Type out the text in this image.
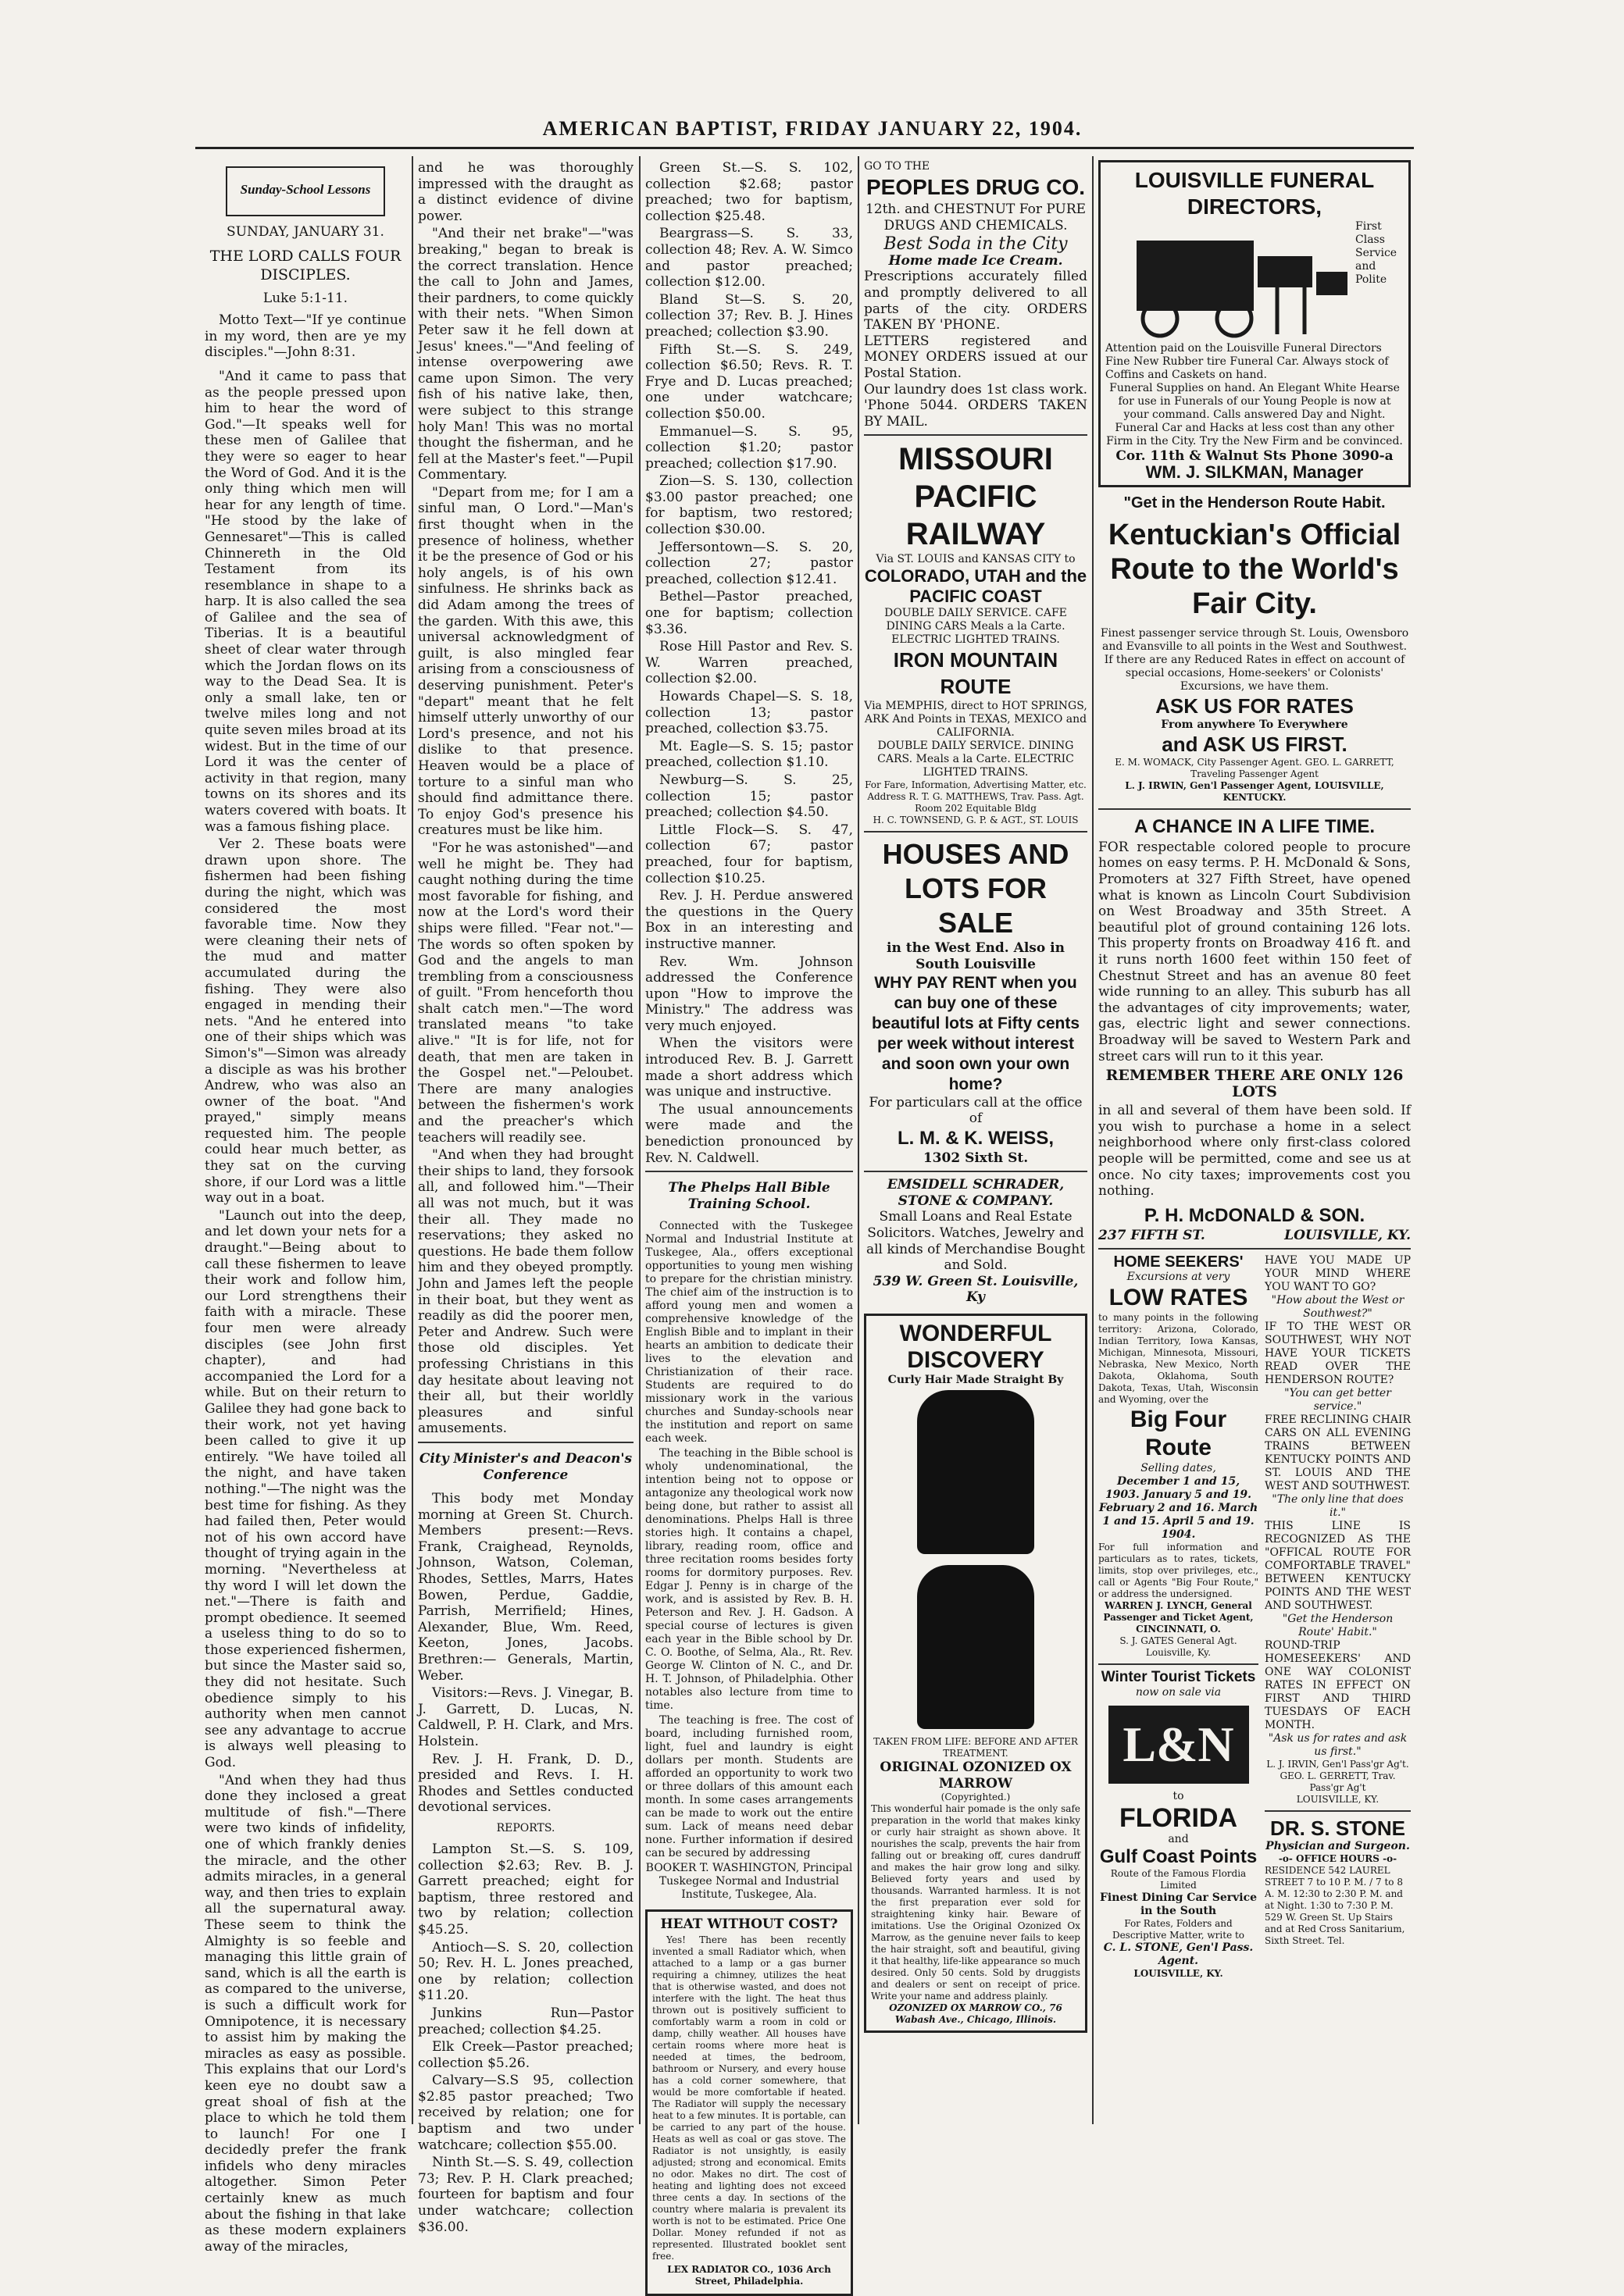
AMERICAN BAPTIST, FRIDAY JANUARY 22, 1904.
Sunday-School Lessons

SUNDAY, JANUARY 31.

THE LORD CALLS FOUR DISCIPLES.

Luke 5:1-11.

Motto Text—"If ye continue in my word, then are ye my disciples."—John 8:31.

"And it came to pass that as the people pressed upon him to hear the word of God."—It speaks well for these men of Galilee that they were so eager to hear the Word of God. And it is the only thing which men will hear for any length of time. "He stood by the lake of Gennesaret"—This is called Chinnereth in the Old Testament from its resemblance in shape to a harp. It is also called the sea of Galilee and the sea of Tiberias. It is a beautiful sheet of clear water through which the Jordan flows on its way to the Dead Sea. It is only a small lake, ten or twelve miles long and not quite seven miles broad at its widest. But in the time of our Lord it was the center of activity in that region, many towns on its shores and its waters covered with boats. It was a famous fishing place.

Ver 2. These boats were drawn upon shore. The fishermen had been fishing during the night, which was considered the most favorable time. Now they were cleaning their nets of the mud and matter accumulated during the fishing. They were also engaged in mending their nets. "And he entered into one of their ships which was Simon's"—Simon was already a disciple as was his brother Andrew, who was also an owner of the boat. "And prayed," simply means requested him. The people could hear much better, as they sat on the curving shore, if our Lord was a little way out in a boat.

"Launch out into the deep, and let down your nets for a draught."—Being about to call these fishermen to leave their work and follow him, our Lord strengthens their faith with a miracle. These four men were already disciples (see John first chapter), and had accompanied the Lord for a while. But on their return to Galilee they had gone back to their work, not yet having been called to give it up entirely. "We have toiled all the night, and have taken nothing."—The night was the best time for fishing. As they had failed then, Peter would not of his own accord have thought of trying again in the morning. "Nevertheless at thy word I will let down the net."—There is faith and prompt obedience. It seemed a useless thing to do so to those experienced fishermen, but since the Master said so, they did not hesitate. Such obedience simply to his authority when men cannot see any advantage to accrue is always well pleasing to God.

"And when they had thus done they inclosed a great multitude of fish."—There were two kinds of infidelity, one of which frankly denies the miracle, and the other admits miracles, in a general way, and then tries to explain all the supernatural away. These seem to think the Almighty is so feeble and managing this little grain of sand, which is all the earth is as compared to the universe, is such a difficult work for Omnipotence, it is necessary to assist him by making the miracles as easy as possible. This explains that our Lord's keen eye no doubt saw a great shoal of fish at the place to which he told them to launch! For one I decidedly prefer the frank infidels who deny miracles altogether. Simon Peter certainly knew as much about the fishing in that lake as these modern explainers away of the miracles,

and he was thoroughly impressed with the draught as a distinct evidence of divine power.

"And their net brake"—"was breaking," began to break is the correct translation. Hence the call to John and James, their pardners, to come quickly with their nets. "When Simon Peter saw it he fell down at Jesus' knees."—"And feeling of intense overpowering awe came upon Simon. The very fish of his native lake, then, were subject to this strange holy Man! This was no mortal thought the fisherman, and he fell at the Master's feet."—Pupil Commentary.

"Depart from me; for I am a sinful man, O Lord."—Man's first thought when in the presence of holiness, whether it be the presence of God or his holy angels, is of his own sinfulness. He shrinks back as did Adam among the trees of the garden. With this awe, this universal acknowledgment of guilt, is also mingled fear arising from a consciousness of deserving punishment. Peter's "depart" meant that he felt himself utterly unworthy of our Lord's presence, and not his dislike to that presence. Heaven would be a place of torture to a sinful man who should find admittance there. To enjoy God's presence his creatures must be like him.

"For he was astonished"—and well he might be. They had caught nothing during the time most favorable for fishing, and now at the Lord's word their ships were filled. "Fear not."—The words so often spoken by God and the angels to man trembling from a consciousness of guilt. "From henceforth thou shalt catch men."—The word translated means "to take alive." "It is for life, not for death, that men are taken in the Gospel net."—Peloubet. There are many analogies between the fishermen's work and the preacher's which teachers will readily see.

"And when they had brought their ships to land, they forsook all, and followed him."—Their all was not much, but it was their all. They made no reservations; they asked no questions. He bade them follow him and they obeyed promptly. John and James left the people in their boat, but they went as readily as did the poorer men, Peter and Andrew. Such were those old disciples. Yet professing Christians in this day hesitate about leaving not their all, but their worldly pleasures and sinful amusements.

City Minister's and Deacon's Conference

This body met Monday morning at Green St. Church. Members present:—Revs. Frank, Craighead, Reynolds, Johnson, Watson, Coleman, Rhodes, Settles, Marrs, Hates Bowen, Perdue, Gaddie, Parrish, Merrifield; Hines, Alexander, Blue, Wm. Reed, Keeton, Jones, Jacobs. Brethren:— Generals, Martin, Weber.

Visitors:—Revs. J. Vinegar, B. J. Garrett, D. Lucas, N. Caldwell, P. H. Clark, and Mrs. Holstein.

Rev. J. H. Frank, D. D., presided and Revs. I. H. Rhodes and Settles conducted devotional services.

REPORTS.

Lampton St.—S. S. 109, collection $2.63; Rev. B. J. Garrett preached; eight for baptism, three restored and two by relation; collection $45.25.

Antioch—S. S. 20, collection 50; Rev. H. L. Jones preached, one by relation; collection $11.20.

Junkins Run—Pastor preached; collection $4.25.

Elk Creek—Pastor preached; collection $5.26.

Calvary—S.S 95, collection $2.85 pastor preached; Two received by relation; one for baptism and two under watchcare; collection $55.00.

Ninth St.—S. S. 49, collection 73; Rev. P. H. Clark preached; fourteen for baptism and four under watchcare; collection $36.00.

Green St.—S. S. 102, collection $2.68; pastor preached; two for baptism, collection $25.48.

Beargrass—S. S. 33, collection 48; Rev. A. W. Simco and pastor preached; collection $12.00.

Bland St—S. S. 20, collection 37; Rev. B. J. Hines preached; collection $3.90.

Fifth St.—S. S. 249, collection $6.50; Revs. R. T. Frye and D. Lucas preached; one under watchcare; collection $50.00.

Emmanuel—S. S. 95, collection $1.20; pastor preached; collection $17.90.

Zion—S. S. 130, collection $3.00 pastor preached; one for baptism, two restored; collection $30.00.

Jeffersontown—S. S. 20, collection 27; pastor preached, collection $12.41.

Bethel—Pastor preached, one for baptism; collection $3.36.

Rose Hill Pastor and Rev. S. W. Warren preached, collection $2.00.

Howards Chapel—S. S. 18, collection 13; pastor preached, collection $3.75.

Mt. Eagle—S. S. 15; pastor preached, collection $1.10.

Newburg—S. S. 25, collection 15; pastor preached; collection $4.50.

Little Flock—S. S. 47, collection 67; pastor preached, four for baptism, collection $10.25.

Rev. J. H. Perdue answered the questions in the Query Box in an interesting and instructive manner.

Rev. Wm. Johnson addressed the Conference upon "How to improve the Ministry." The address was very much enjoyed.

When the visitors were introduced Rev. B. J. Garrett made a short address which was unique and instructive.

The usual announcements were made and the benediction pronounced by Rev. N. Caldwell.

The Phelps Hall Bible Training School.

Connected with the Tuskegee Normal and Industrial Institute at Tuskegee, Ala., offers exceptional opportunities to young men wishing to prepare for the christian ministry. The chief aim of the instruction is to afford young men and women a comprehensive knowledge of the English Bible and to implant in their hearts an ambition to dedicate their lives to the elevation and Christianization of their race. Students are required to do missionary work in the various churches and Sunday-schools near the institution and report on same each week.

The teaching in the Bible school is wholy undenominational, the intention being not to oppose or antagonize any theological work now being done, but rather to assist all denominations. Phelps Hall is three stories high. It contains a chapel, library, reading room, office and three recitation rooms besides forty rooms for dormitory purposes. Rev. Edgar J. Penny is in charge of the work, and is assisted by Rev. B. H. Peterson and Rev. J. H. Gadson. A special course of lectures is given each year in the Bible school by Dr. C. O. Boothe, of Selma, Ala., Rt. Rev. George W. Clinton of N. C., and Dr. H. T. Johnson, of Philadelphia. Other notables also lecture from time to time.

The teaching is free. The cost of board, including furnished room, light, fuel and laundry is eight dollars per month. Students are afforded an opportunity to work two or three dollars of this amount each month. In some cases arrangements can be made to work out the entire sum. Lack of means need debar none. Further information if desired can be secured by addressing

BOOKER T. WASHINGTON, Principal Tuskegee Normal and Industrial Institute, Tuskegee, Ala.

HEAT WITHOUT COST?

Yes! There has been recently invented a small Radiator which, when attached to a lamp or a gas burner requiring a chimney, utilizes the heat that is otherwise wasted, and does not interfere with the light. The heat thus thrown out is positively sufficient to comfortably warm a room in cold or damp, chilly weather. All houses have certain rooms where more heat is needed at times, the bedroom, bathroom or Nursery, and every house has a cold corner somewhere, that would be more comfortable if heated. The Radiator will supply the necessary heat to a few minutes. It is portable, can be carried to any part of the house. Heats as well as coal or gas stove. The Radiator is not unsightly, is easily adjusted; strong and economical. Emits no odor. Makes no dirt. The cost of heating and lighting does not exceed three cents a day. In sections of the country where malaria is prevalent its worth is not to be estimated. Price One Dollar. Money refunded if not as represented. Illustrated booklet sent free.

LEX RADIATOR CO., 1036 Arch Street, Philadelphia.

GO TO THE
PEOPLES DRUG CO.
12th. and CHESTNUT For PURE DRUGS AND CHEMICALS.
Best Soda in the City
Home made Ice Cream.
Prescriptions accurately filled and promptly delivered to all parts of the city. ORDERS TAKEN BY 'PHONE.
LETTERS registered and MONEY ORDERS issued at our Postal Station.
Our laundry does 1st class work. 'Phone 5044. ORDERS TAKEN BY MAIL.
MISSOURI
PACIFIC
RAILWAY
Via ST. LOUIS and KANSAS CITY to
COLORADO, UTAH and the PACIFIC COAST
DOUBLE DAILY SERVICE. CAFE DINING CARS Meals a la Carte. ELECTRIC LIGHTED TRAINS.
IRON MOUNTAIN ROUTE
Via MEMPHIS, direct to HOT SPRINGS, ARK And Points in TEXAS, MEXICO and CALIFORNIA.
DOUBLE DAILY SERVICE. DINING CARS. Meals a la Carte. ELECTRIC LIGHTED TRAINS.
For Fare, Information, Advertising Matter, etc. Address R. T. G. MATTHEWS, Trav. Pass. Agt. Room 202 Equitable Bldg
H. C. TOWNSEND, G. P. & AGT., ST. LOUIS
HOUSES AND LOTS FOR SALE
in the West End. Also in South Louisville
WHY PAY RENT when you can buy one of these beautiful lots at Fifty cents per week without interest and soon own your own home?
For particulars call at the office of
L. M. & K. WEISS,
1302 Sixth St.
EMSIDELL SCHRADER, STONE & COMPANY.
Small Loans and Real Estate Solicitors. Watches, Jewelry and all kinds of Merchandise Bought and Sold.
539 W. Green St. Louisville, Ky
WONDERFUL DISCOVERY
Curly Hair Made Straight By

TAKEN FROM LIFE: BEFORE AND AFTER TREATMENT.
ORIGINAL OZONIZED OX MARROW
(Copyrighted.)
This wonderful hair pomade is the only safe preparation in the world that makes kinky or curly hair straight as shown above. It nourishes the scalp, prevents the hair from falling out or breaking off, cures dandruff and makes the hair grow long and silky. Believed forty years and used by thousands. Warranted harmless. It is not the first preparation ever sold for straightening kinky hair. Beware of imitations. Use the Original Ozonized Ox Marrow, as the genuine never fails to keep the hair straight, soft and beautiful, giving it that healthy, life-like appearance so much desired. Only 50 cents. Sold by druggists and dealers or sent on receipt of price. Write your name and address plainly.
OZONIZED OX MARROW CO., 76 Wabash Ave., Chicago, Illinois.
LOUISVILLE FUNERAL DIRECTORS,
First Class Service and Polite Attention paid on the Louisville Funeral Directors Fine New Rubber tire Funeral Car. Always stock of Coffins and Caskets on hand.
Funeral Supplies on hand. An Elegant White Hearse for use in Funerals of our Young People is now at your command. Calls answered Day and Night. Funeral Car and Hacks at less cost than any other Firm in the City. Try the New Firm and be convinced.
Cor. 11th & Walnut Sts Phone 3090-a
WM. J. SILKMAN, Manager
"Get in the Henderson Route Habit.
Kentuckian's Official Route to the World's Fair City.
Finest passenger service through St. Louis, Owensboro and Evansville to all points in the West and Southwest.
If there are any Reduced Rates in effect on account of special occasions, Home-seekers' or Colonists' Excursions, we have them.
ASK US FOR RATES
From anywhere To Everywhere
and ASK US FIRST.
E. M. WOMACK, City Passenger Agent. GEO. L. GARRETT, Traveling Passenger Agent
L. J. IRWIN, Gen'l Passenger Agent, LOUISVILLE, KENTUCKY.
A CHANCE IN A LIFE TIME.
FOR respectable colored people to procure homes on easy terms. P. H. McDonald & Sons, Promoters at 327 Fifth Street, have opened what is known as Lincoln Court Subdivision on West Broadway and 35th Street. A beautiful plot of ground containing 126 lots. This property fronts on Broadway 416 ft. and it runs north 1600 feet within 150 feet of Chestnut Street and has an avenue 80 feet wide running to an alley. This suburb has all the advantages of city improvements; water, gas, electric light and sewer connections. Broadway will be saved to Western Park and street cars will run to it this year.
REMEMBER THERE ARE ONLY 126 LOTS
in all and several of them have been sold. If you wish to purchase a home in a select neighborhood where only first-class colored people will be permitted, come and see us at once. No city taxes; improvements cost you nothing.
P. H. McDONALD & SON.
237 FIFTH ST.	LOUISVILLE, KY.
HOME SEEKERS'
Excursions at very
LOW RATES
to many points in the following territory: Arizona, Colorado, Indian Territory, Iowa Kansas, Michigan, Minnesota, Missouri, Nebraska, New Mexico, North Dakota, Oklahoma, South Dakota, Texas, Utah, Wisconsin and Wyoming, over the
Big Four Route
Selling dates,
December 1 and 15, 1903. January 5 and 19. February 2 and 16. March 1 and 15. April 5 and 19. 1904.
For full information and particulars as to rates, tickets, limits, stop over privileges, etc., call or Agents "Big Four Route," or address the undersigned.
WARREN J. LYNCH, General Passenger and Ticket Agent, CINCINNATI, O.
S. J. GATES General Agt. Louisville, Ky.
Winter Tourist Tickets
now on sale via
L&N
to
FLORIDA
and
Gulf Coast Points
Route of the Famous Flordia Limited
Finest Dining Car Service in the South
For Rates, Folders and Descriptive Matter, write to
C. L. STONE, Gen'l Pass. Agent.
LOUISVILLE, KY.
HAVE YOU MADE UP YOUR MIND WHERE YOU WANT TO GO?
"How about the West or Southwest?"
IF TO THE WEST OR SOUTHWEST, WHY NOT HAVE YOUR TICKETS READ OVER THE HENDERSON ROUTE?
"You can get better service."
FREE RECLINING CHAIR CARS ON ALL EVENING TRAINS BETWEEN KENTUCKY POINTS AND ST. LOUIS AND THE WEST AND SOUTHWEST.
"The only line that does it."
THIS LINE IS RECOGNIZED AS THE "OFFICAL ROUTE FOR COMFORTABLE TRAVEL" BETWEEN KENTUCKY POINTS AND THE WEST AND SOUTHWEST.
"Get the Henderson Route' Habit."
ROUND-TRIP HOMESEEKERS' AND ONE WAY COLONIST RATES IN EFFECT ON FIRST AND THIRD TUESDAYS OF EACH MONTH.
"Ask us for rates and ask us first."
L. J. IRVIN, Gen'l Pass'gr Ag't. GEO. L. GERRETT, Trav. Pass'gr Ag't
LOUISVILLE, KY.
DR. S. STONE
Physician and Surgeon.
-o- OFFICE HOURS -o-
RESIDENCE 542 LAUREL STREET 7 to 10 P. M. / 7 to 8 A. M. 12:30 to 2:30 P. M. and at Night. 1:30 to 7:30 P. M. 529 W. Green St. Up Stairs and at Red Cross Sanitarium, Sixth Street. Tel.
